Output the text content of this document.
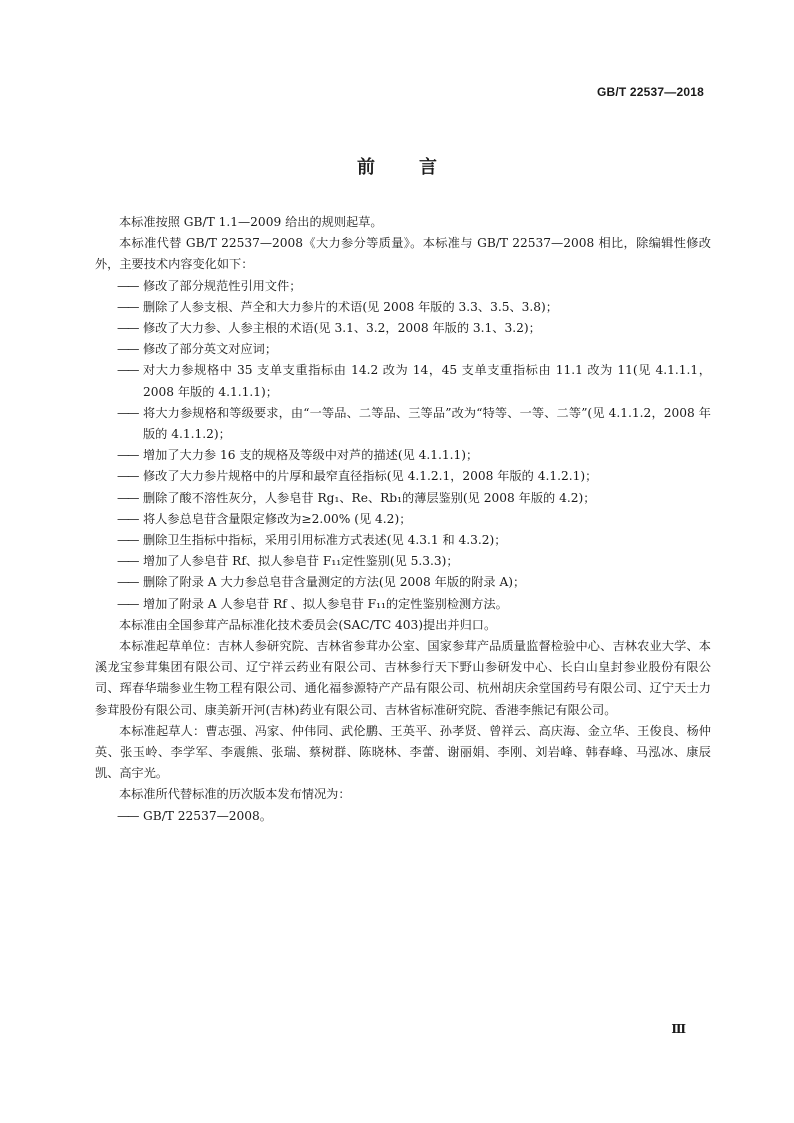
GB/T 22537—2018
前言

本标准按照 GB/T 1.1—2009 给出的规则起草。

本标准代替 GB/T 22537—2008《大力参分等质量》。本标准与 GB/T 22537—2008 相比，除编辑性修改外，主要技术内容变化如下：

—— 修改了部分规范性引用文件；

—— 删除了人参支根、芦全和大力参片的术语(见 2008 年版的 3.3、3.5、3.8)；

—— 修改了大力参、人参主根的术语(见 3.1、3.2，2008 年版的 3.1、3.2)；

—— 修改了部分英文对应词；

—— 对大力参规格中 35 支单支重指标由 14.2 改为 14，45 支单支重指标由 11.1 改为 11(见 4.1.1.1，2008 年版的 4.1.1.1)；

—— 将大力参规格和等级要求，由“一等品、二等品、三等品”改为“特等、一等、二等”(见 4.1.1.2，2008 年版的 4.1.1.2)；

—— 增加了大力参 16 支的规格及等级中对芦的描述(见 4.1.1.1)；

—— 修改了大力参片规格中的片厚和最窄直径指标(见 4.1.2.1，2008 年版的 4.1.2.1)；

—— 删除了酸不溶性灰分，人参皂苷 Rg₁、Re、Rb₁的薄层鉴别(见 2008 年版的 4.2)；

—— 将人参总皂苷含量限定修改为≥2.00% (见 4.2)；

—— 删除卫生指标中指标，采用引用标准方式表述(见 4.3.1 和 4.3.2)；

—— 增加了人参皂苷 Rf、拟人参皂苷 F₁₁定性鉴别(见 5.3.3)；

—— 删除了附录 A 大力参总皂苷含量测定的方法(见 2008 年版的附录 A)；

—— 增加了附录 A 人参皂苷 Rf 、拟人参皂苷 F₁₁的定性鉴别检测方法。

本标准由全国参茸产品标准化技术委员会(SAC/TC 403)提出并归口。

本标准起草单位：吉林人参研究院、吉林省参茸办公室、国家参茸产品质量监督检验中心、吉林农业大学、本溪龙宝参茸集团有限公司、辽宁祥云药业有限公司、吉林参行天下野山参研发中心、长白山皇封参业股份有限公司、珲春华瑞参业生物工程有限公司、通化福参源特产产品有限公司、杭州胡庆余堂国药号有限公司、辽宁天士力参茸股份有限公司、康美新开河(吉林)药业有限公司、吉林省标准研究院、香港李熊记有限公司。

本标准起草人：曹志强、冯家、仲伟同、武伦鹏、王英平、孙孝贤、曾祥云、高庆海、金立华、王俊良、杨仲英、张玉岭、李学军、李震熊、张瑞、蔡树群、陈晓林、李蕾、谢丽娟、李刚、刘岩峰、韩春峰、马泓冰、康辰凯、高宇光。

本标准所代替标准的历次版本发布情况为：

—— GB/T 22537—2008。

Ⅲ
